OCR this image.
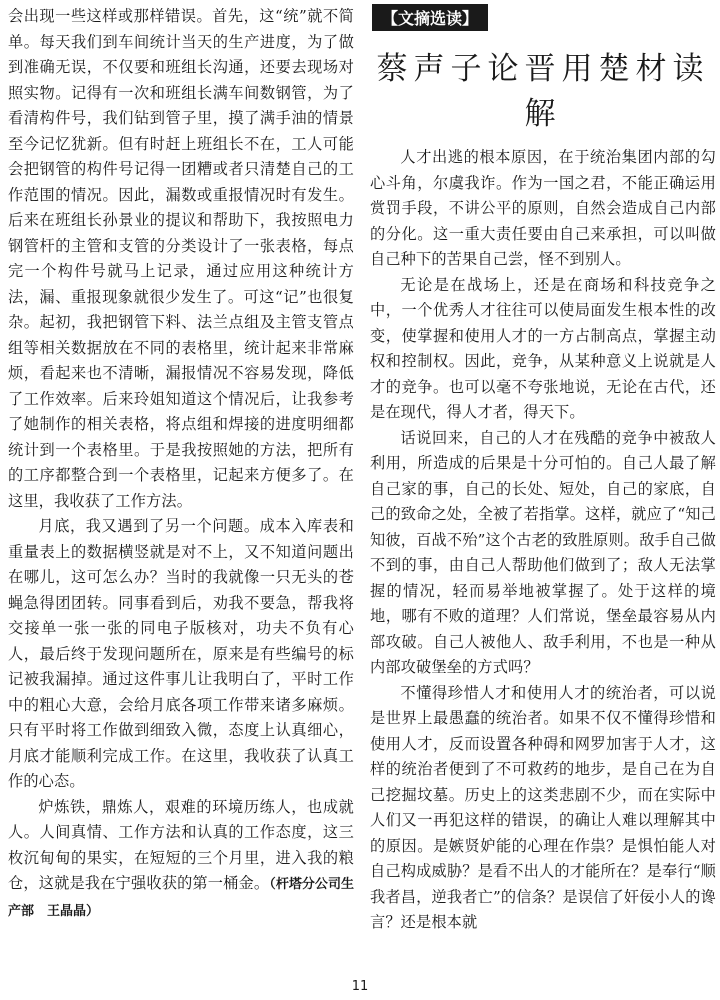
会出现一些这样或那样错误。首先，这“统”就不简单。每天我们到车间统计当天的生产进度，为了做到准确无误，不仅要和班组长沟通，还要去现场对照实物。记得有一次和班组长满车间数钢管，为了看清构件号，我们钻到管子里，摸了满手油的情景至今记忆犹新。但有时赶上班组长不在，工人可能会把钢管的构件号记得一团糟或者只清楚自己的工作范围的情况。因此，漏数或重报情况时有发生。后来在班组长孙景业的提议和帮助下，我按照电力钢管杆的主管和支管的分类设计了一张表格，每点完一个构件号就马上记录，通过应用这种统计方法，漏、重报现象就很少发生了。可这“记”也很复杂。起初，我把钢管下料、法兰点组及主管支管点组等相关数据放在不同的表格里，统计起来非常麻烦，看起来也不清晰，漏报情况不容易发现，降低了工作效率。后来玲姐知道这个情况后，让我参考了她制作的相关表格，将点组和焊接的进度明细都统计到一个表格里。于是我按照她的方法，把所有的工序都整合到一个表格里，记起来方便多了。在这里，我收获了工作方法。

月底，我又遇到了另一个问题。成本入库表和重量表上的数据横竖就是对不上，又不知道问题出在哪儿，这可怎么办？当时的我就像一只无头的苍蝇急得团团转。同事看到后，劝我不要急，帮我将交接单一张一张的同电子版核对，功夫不负有心人，最后终于发现问题所在，原来是有些编号的标记被我漏掉。通过这件事儿让我明白了，平时工作中的粗心大意，会给月底各项工作带来诸多麻烦。只有平时将工作做到细致入微，态度上认真细心，月底才能顺利完成工作。在这里，我收获了认真工作的心态。

炉炼铁，鼎炼人，艰难的环境历练人，也成就人。人间真情、工作方法和认真的工作态度，这三枚沉甸甸的果实，在短短的三个月里，进入我的粮仓，这就是我在宁强收获的第一桶金。（杆塔分公司生产部　王晶晶）

【文摘选读】
蔡声子论晋用楚材读解

人才出逃的根本原因，在于统治集团内部的勾心斗角，尔虞我诈。作为一国之君，不能正确运用赏罚手段，不讲公平的原则，自然会造成自己内部的分化。这一重大责任要由自己来承担，可以叫做自己种下的苦果自己尝，怪不到别人。

无论是在战场上，还是在商场和科技竞争之中，一个优秀人才往往可以使局面发生根本性的改变，使掌握和使用人才的一方占制高点，掌握主动权和控制权。因此，竞争，从某种意义上说就是人才的竞争。也可以毫不夸张地说，无论在古代，还是在现代，得人才者，得天下。

话说回来，自己的人才在残酷的竞争中被敌人利用，所造成的后果是十分可怕的。自己人最了解自己家的事，自己的长处、短处，自己的家底，自己的致命之处，全被了若指掌。这样，就应了“知己知彼，百战不殆”这个古老的致胜原则。敌手自己做不到的事，由自己人帮助他们做到了；敌人无法掌握的情况，轻而易举地被掌握了。处于这样的境地，哪有不败的道理？人们常说，堡垒最容易从内部攻破。自己人被他人、敌手利用，不也是一种从内部攻破堡垒的方式吗？

不懂得珍惜人才和使用人才的统治者，可以说是世界上最愚蠢的统治者。如果不仅不懂得珍惜和使用人才，反而设置各种碍和网罗加害于人才，这样的统治者便到了不可救药的地步，是自己在为自己挖掘坟墓。历史上的这类悲剧不少，而在实际中人们又一再犯这样的错误，的确让人难以理解其中的原因。是嫉贤妒能的心理在作祟？是惧怕能人对自己构成威胁？是看不出人的才能所在？是奉行“顺我者昌，逆我者亡”的信条？是误信了奸佞小人的谗言？还是根本就

11
